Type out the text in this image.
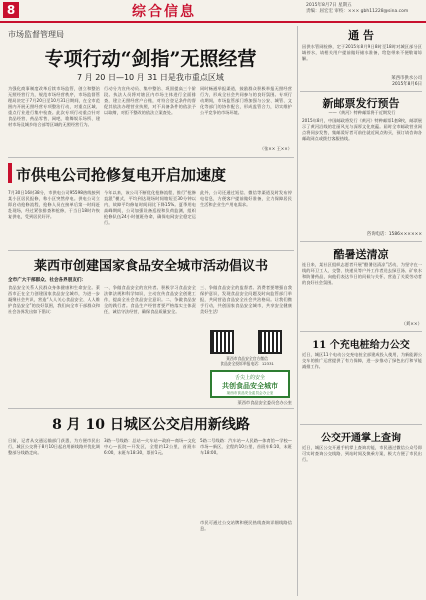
8	综合信息	2015年8月7日 星期五
责编：屈宏宏 审校：××× gbh11228@sina.com
市场监督管理局
专项行动“剑指”无照经营
7 月 20 日—10 月 31 日是我市重点区域
为强化商事制度改革后续市场监管，创立和整治无照经营行为，规范市场经营秩序，市场监督管理局决定于7月20日至10月31日期间，在全市范围内开展无照经营专项整治行动，对重点区域、重点行业进行集中检查。此次专项行动重点针对食品经营、药品零售、网吧、歌舞娱乐场所、建材市场及城乡结合部等区域的无照经营行为。
行动分为宣传动员、集中整治、巩固提高三个阶段。执法人员将对辖区内市场主体进行全面排查，建立无照经营户台账，对符合登记条件的督促其依法办理营业执照，对不具备条件的依法予以取缔，对拒不整改的依法立案查处。
同时畅通举报渠道，鼓励群众积极举报无照经营行为，形成全社会共同参与的良好氛围。专项行动期间，市场监管部门将加强与公安、城管、文化等部门的协作配合，形成监管合力，切实维护公平竞争的市场环境。
（张×× 王××）
市供电公司抢修复电开启加速度
7月30日16时38分，市供电公司95598热线接到某小区居民报修，称小区突然停电。供电公司立即启动抢修流程，抢修人员在接单后第一时间赶赴现场，经过紧张排查和抢修，于当日18时许恢复供电，受到居民好评。
今年以来，该公司不断优化抢修流程，推行“抢修直派”模式，平均到达现场时间缩短至30分钟以内，故障平均修复时间同比下降15%。夏季用电高峰期间，公司加强设备巡视和负荷监测，组织抢修队伍24小时值班待命，确保电网安全稳定运行。
此外，公司还通过短信、微信等渠道及时发布停电信息，方便客户提前做好准备，全力保障居民生活和企业生产用电需求。
莱西市创建国家食品安全城市活动倡议书
全市广大干部群众、社会各界朋友们：
食品安全关系人民群众身体健康和生命安全。莱西市正在全力创建国家食品安全城市，为进一步凝聚社会共识，营造“人人关心食品安全、人人维护食品安全”的良好氛围，我们向全市干部群众和社会各界发出如下倡议：
一、争做食品安全的宣传者。积极学习食品安全法律法规和科学知识，主动宣传食品安全创建工作，提高全社会食品安全意识。二、争做食品安全的践行者。食品生产经营者要严格落实主体责任，诚信守法经营，确保食品质量安全。
三、争做食品安全的监督者。消费者要增强自我保护意识，发现食品安全问题及时向监管部门举报，共同营造食品安全社会共治格局。让我们携手行动，共创国家食品安全城市，共享安全健康美好生活！
莱西市食品安全官方微信
食品安全投诉举报电话：12331
舌尖上的安全
共创食品安全城市
莱西市食品安全委员会办公室
莱西市食品安全委员会办公室
8 月 10 日城区公交启用新线路
日前，记者从交通运输部门获悉，为方便市民出行，城区公交将于8月10日起启用新线路并优化调整部分线路走向。
3路一号线路：总站—火车站—政府—商场—文化中心—医院—开发区，全程约12公里，首班车6:00，末班车18:30，票价1元。
5路二号线路：汽车站—人民路—体育馆—学校—市场—新区，全程约10公里，首班车6:10，末班车18:00。
市民可通过公交站牌和便民热线查询详细线路信息。
通 告
因供水管网检修，定于2015年8月9日8时至18时对城区部分区域停水，请相关用户提前做好储水准备，给您带来不便敬请谅解。
莱西市供水公司
2015年8月6日
新邮票发行预告
——《黄河》特种邮票将于近期发行
2015年8月，中国邮政将发行《黄河》特种邮票1套8枚，邮票展示了黄河沿线的壮丽风光与深厚文化底蕴。届时全市邮政营业网点将同步发售，集邮爱好者可前往就近网点购买，预订请咨询各邮政网点或拨打客服热线。
咨询电话：1586××××××
酷暑送清凉
连日来，某社区组织志愿者开展“酷暑送清凉”活动，为坚守在一线的环卫工人、交警、快递员等户外工作者送去绿豆汤、矿泉水和防暑药品，向他们表达节日的问候与关怀，营造了关爱劳动者的良好社会氛围。
（刘××）
11 个充电桩给力公交
近日，城区11个电动公交充电桩全部建成投入使用，为新能源公交车的推广运营提供了有力保障，进一步推动了绿色出行和节能减排工作。
公交开通掌上查询
近日，城区公交开通手机掌上查询功能，市民通过微信公众号即可实时查询公交线路、到站时间及换乘方案，极大方便了市民出行。
